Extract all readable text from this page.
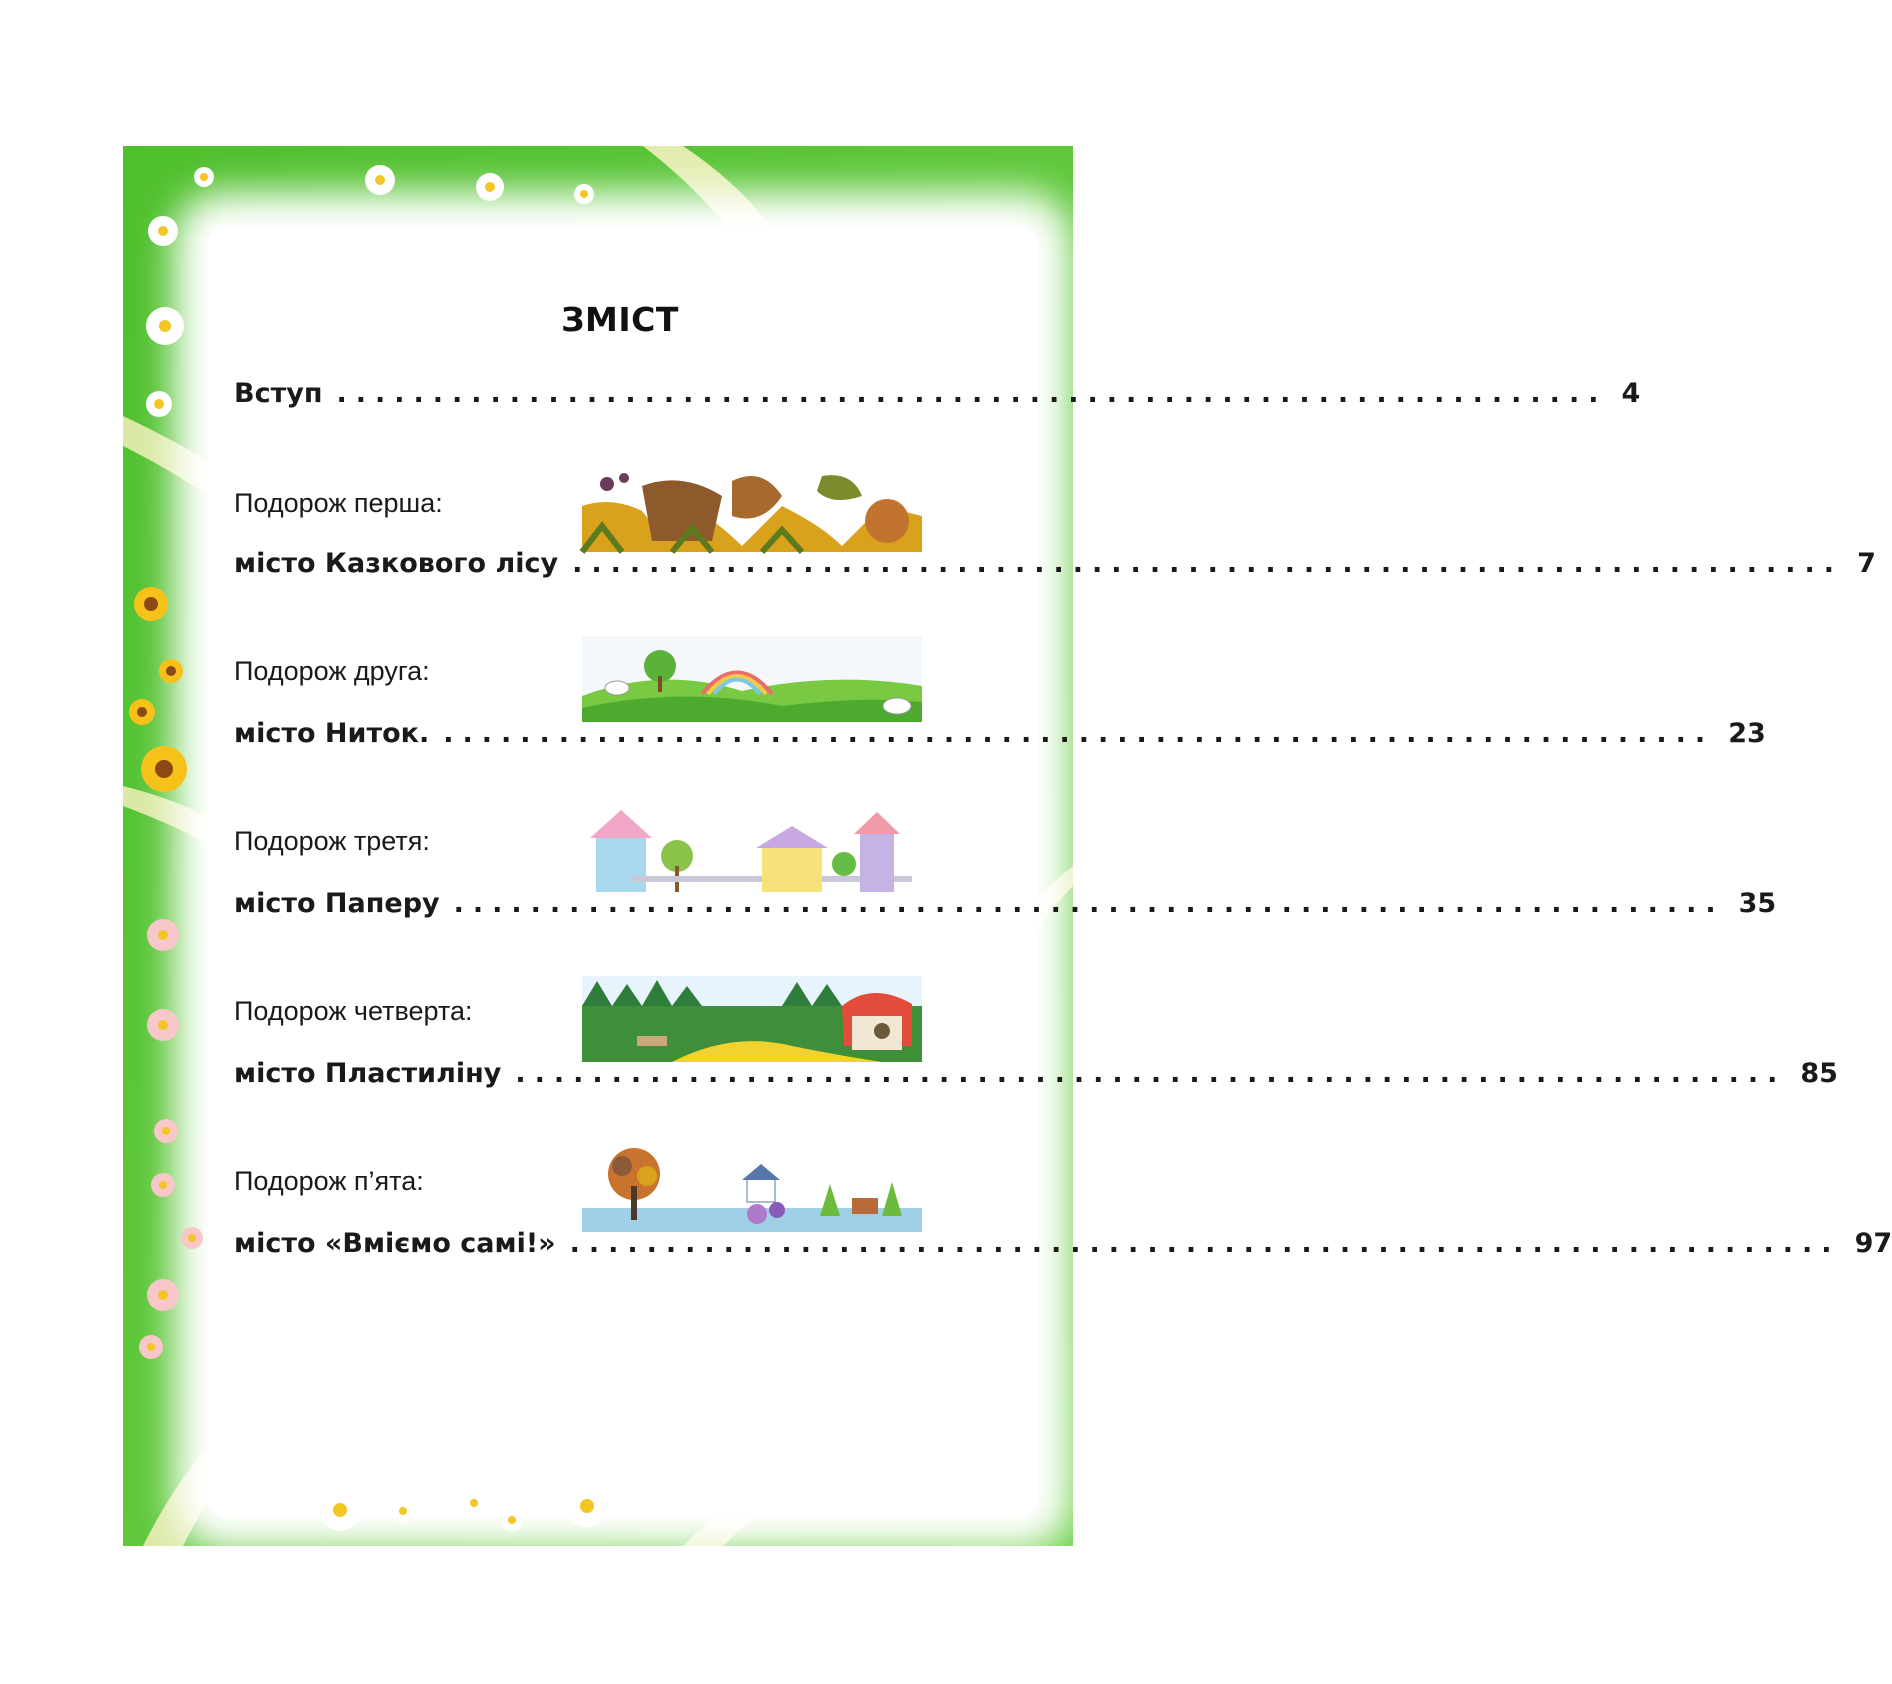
ЗМІСТ
Вступ .................................................................. 4
Подорож перша:
місто Казкового лісу .................................................................. 7
Подорож друга:
місто Ниток. .................................................................. 23
Подорож третя:
місто Паперу .................................................................. 35
Подорож четверта:
місто Пластиліну .................................................................. 85
Подорож п’ята:
місто «Вміємо самі!» .................................................................. 97
